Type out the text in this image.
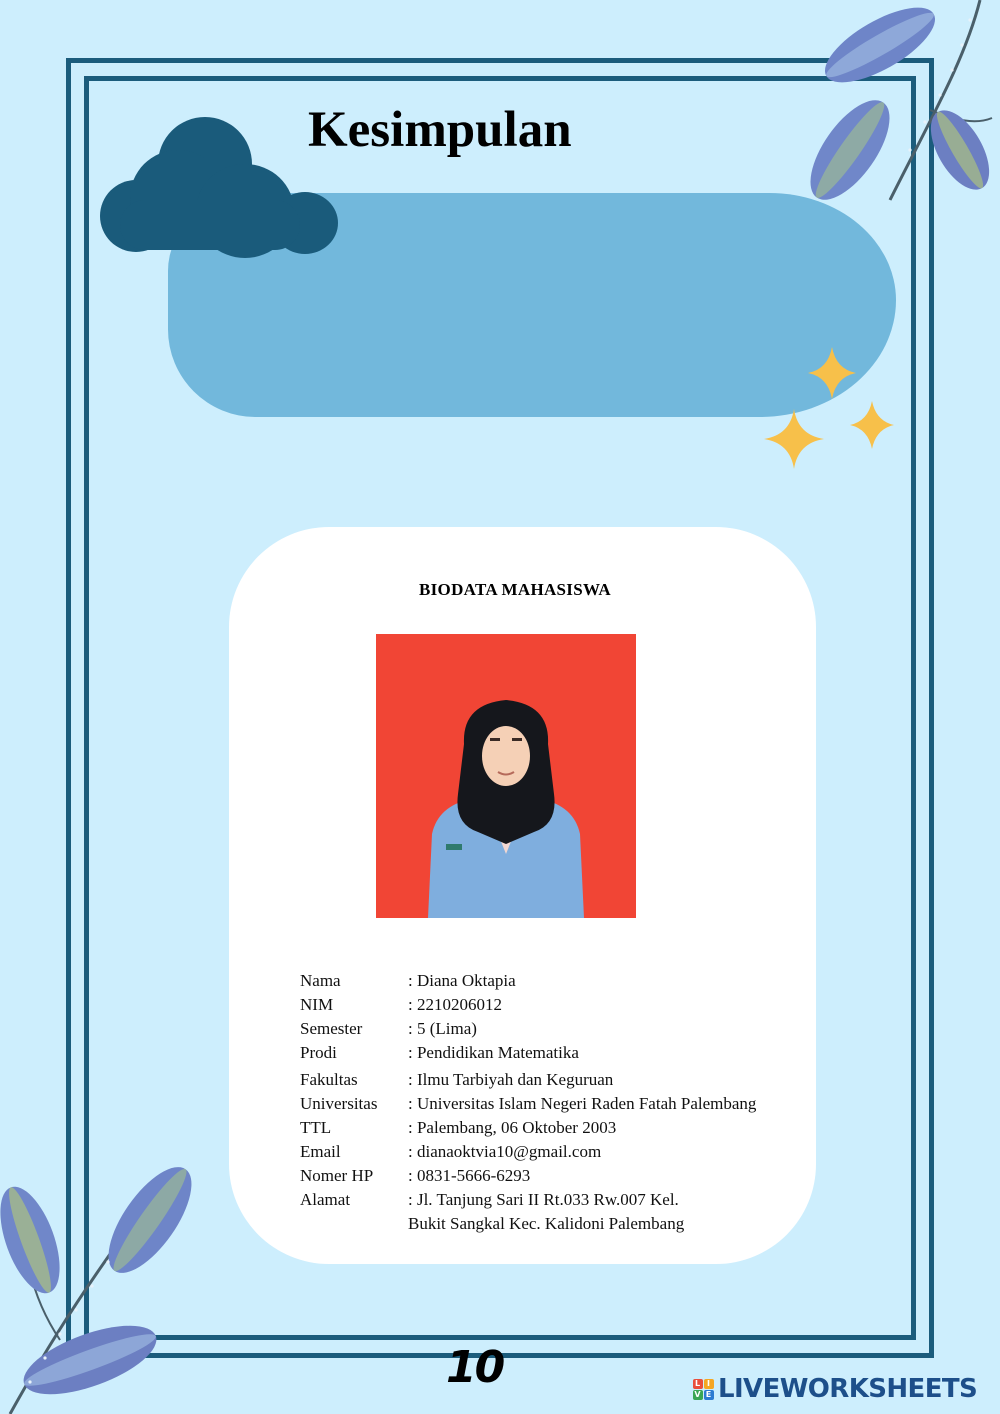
Kesimpulan
BIODATA MAHASISWA
Nama	: Diana Oktapia
NIM	: 2210206012
Semester	: 5 (Lima)
Prodi	: Pendidikan Matematika
Fakultas	: Ilmu Tarbiyah dan Keguruan
Universitas	: Universitas Islam Negeri Raden Fatah Palembang
TTL	: Palembang, 06 Oktober 2003
Email	: dianaoktvia10@gmail.com
Nomer HP	: 0831-5666-6293
Alamat	: Jl. Tanjung Sari II Rt.033 Rw.007 Kel.
Bukit Sangkal Kec. Kalidoni Palembang
10	L I
V E LIVEWORKSHEETS
